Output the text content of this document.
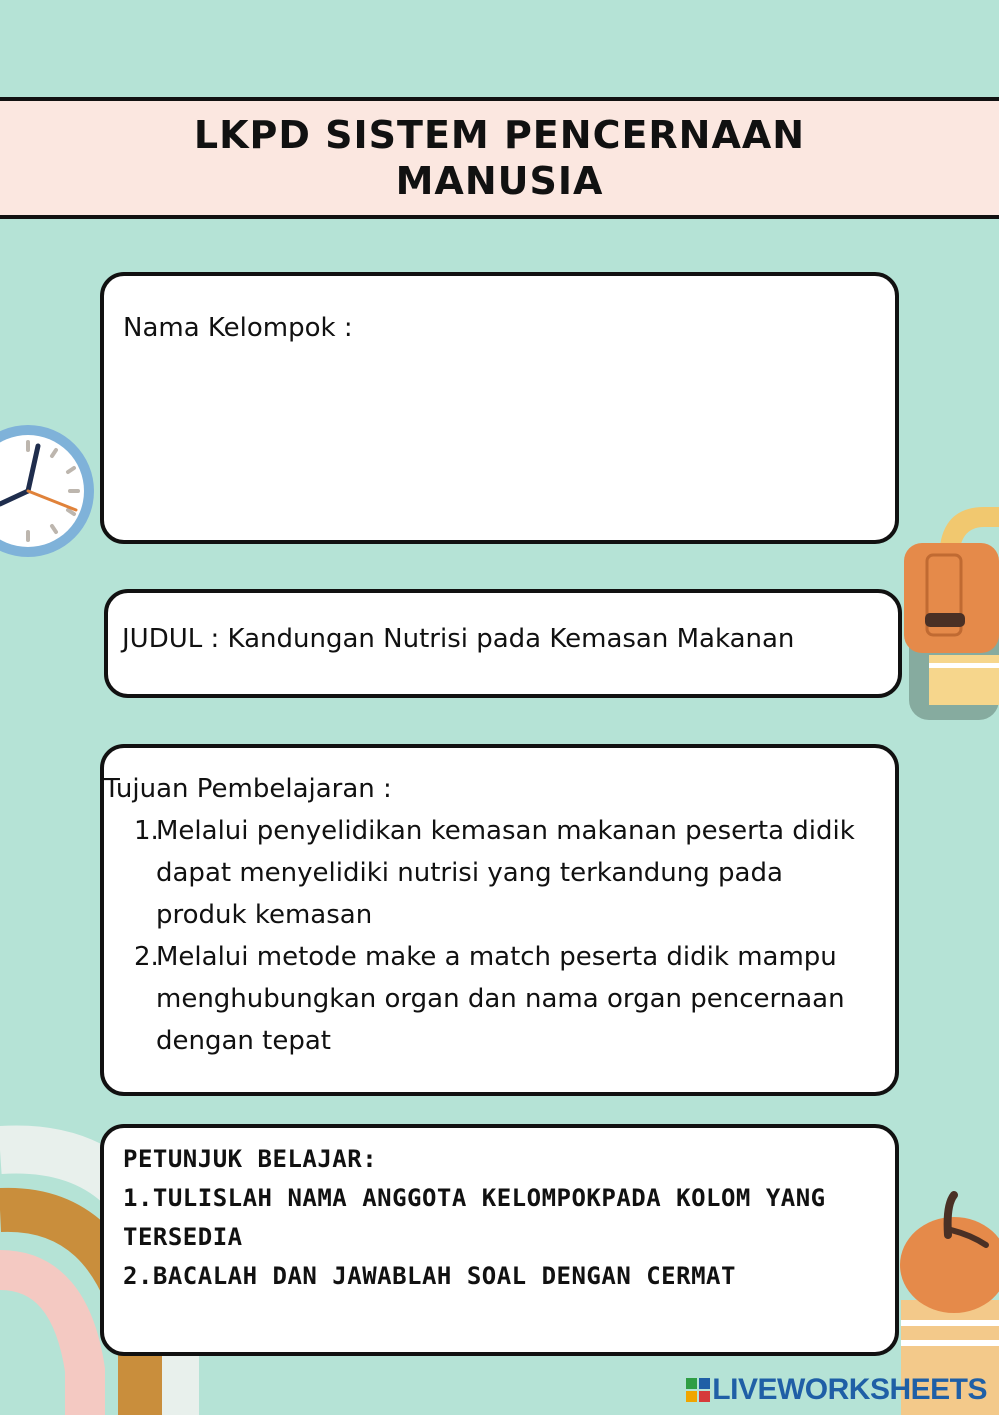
LKPD SISTEM PENCERNAAN
MANUSIA
Nama Kelompok :
JUDUL : Kandungan Nutrisi pada Kemasan Makanan
Tujuan Pembelajaran :
1.
Melalui penyelidikan kemasan makanan peserta didik
dapat menyelidiki nutrisi yang terkandung pada
produk kemasan
2.
Melalui metode make a match peserta didik mampu
menghubungkan organ dan nama organ pencernaan
dengan tepat
PETUNJUK BELAJAR:
1.TULISLAH NAMA ANGGOTA KELOMPOKPADA KOLOM YANG
TERSEDIA
2.BACALAH DAN JAWABLAH SOAL DENGAN CERMAT
LIVEWORKSHEETS
